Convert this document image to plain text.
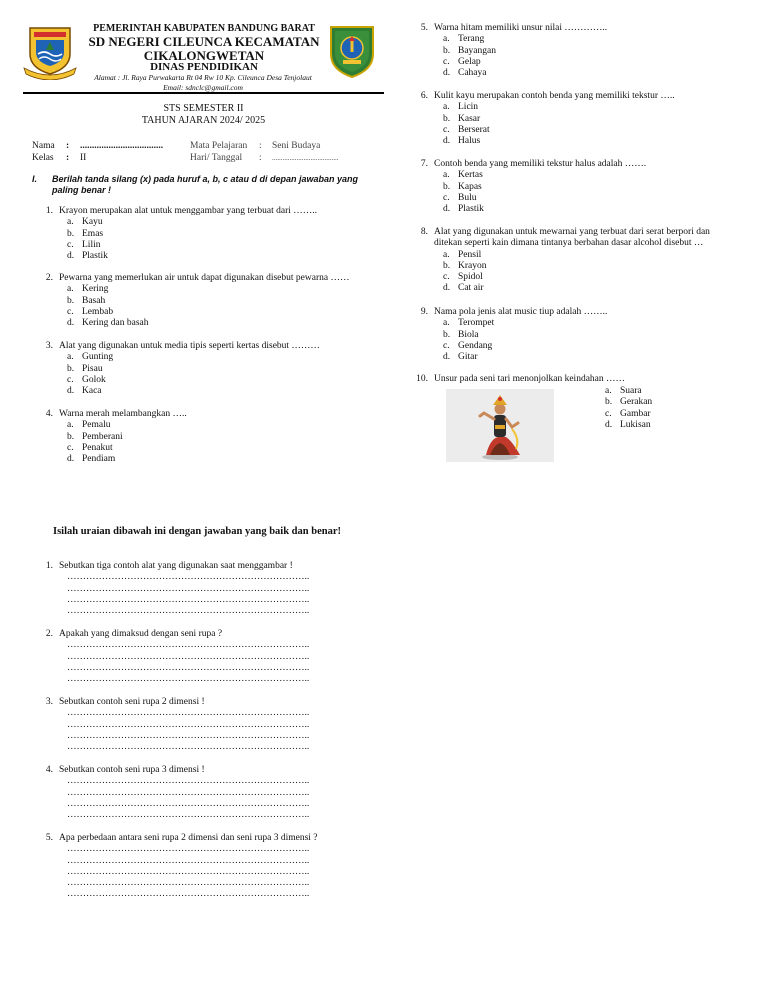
PEMERINTAH KABUPATEN BANDUNG BARAT
SD NEGERI CILEUNCA KECAMATAN
CIKALONGWETAN
DINAS PENDIDIKAN
Alamat : Jl. Raya Purwakarta Rt 04 Rw 10 Kp. Cileunca Desa Tenjolaut
Email: sdnclc@gmail.com
STS SEMESTER II
TAHUN AJARAN 2024/ 2025
Nama : ...................................
Kelas : II
Mata Pelajaran : Seni Budaya
Hari/ Tanggal : ......................................
I. Berilah tanda silang (x) pada huruf a, b, c atau d di depan jawaban yang paling benar !
1. Krayon merupakan alat untuk menggambar yang terbuat dari ……..
a. Kayu
b. Emas
c. Lilin
d. Plastik
2. Pewarna yang memerlukan air untuk dapat digunakan disebut pewarna ……
a. Kering
b. Basah
c. Lembab
d. Kering dan basah
3. Alat yang digunakan untuk media tipis seperti kertas disebut ………
a. Gunting
b. Pisau
c. Golok
d. Kaca
4. Warna merah melambangkan …..
a. Pemalu
b. Pemberani
c. Penakut
d. Pendiam
5. Warna hitam memiliki unsur nilai …………..
a. Terang
b. Bayangan
c. Gelap
d. Cahaya
6. Kulit kayu merupakan contoh benda yang memiliki tekstur …..
a. Licin
b. Kasar
c. Berserat
d. Halus
7. Contoh benda yang memiliki tekstur halus adalah …….
a. Kertas
b. Kapas
c. Bulu
d. Plastik
8. Alat yang digunakan untuk mewarnai yang terbuat dari serat berpori dan ditekan seperti kain dimana tintanya berbahan dasar alcohol disebut …
a. Pensil
b. Krayon
c. Spidol
d. Cat air
9. Nama pola jenis alat music tiup adalah ……..
a. Terompet
b. Biola
c. Gendang
d. Gitar
10. Unsur pada seni tari menonjolkan keindahan ……
a. Suara
b. Gerakan
c. Gambar
d. Lukisan
Isilah uraian dibawah ini dengan jawaban yang baik dan benar!
1. Sebutkan tiga contoh alat yang digunakan saat menggambar !
…………………………………………………………………..
…………………………………………………………………..
…………………………………………………………………..
…………………………………………………………………..
2. Apakah yang dimaksud dengan seni rupa ?
…………………………………………………………………..
…………………………………………………………………..
…………………………………………………………………..
…………………………………………………………………..
3. Sebutkan contoh seni rupa 2 dimensi !
…………………………………………………………………..
…………………………………………………………………..
…………………………………………………………………..
…………………………………………………………………..
4. Sebutkan contoh seni rupa 3 dimensi !
…………………………………………………………………..
…………………………………………………………………..
…………………………………………………………………..
…………………………………………………………………..
5. Apa perbedaan antara seni rupa 2 dimensi dan seni rupa 3 dimensi ?
…………………………………………………………………..
…………………………………………………………………..
…………………………………………………………………..
…………………………………………………………………..
…………………………………………………………………..
